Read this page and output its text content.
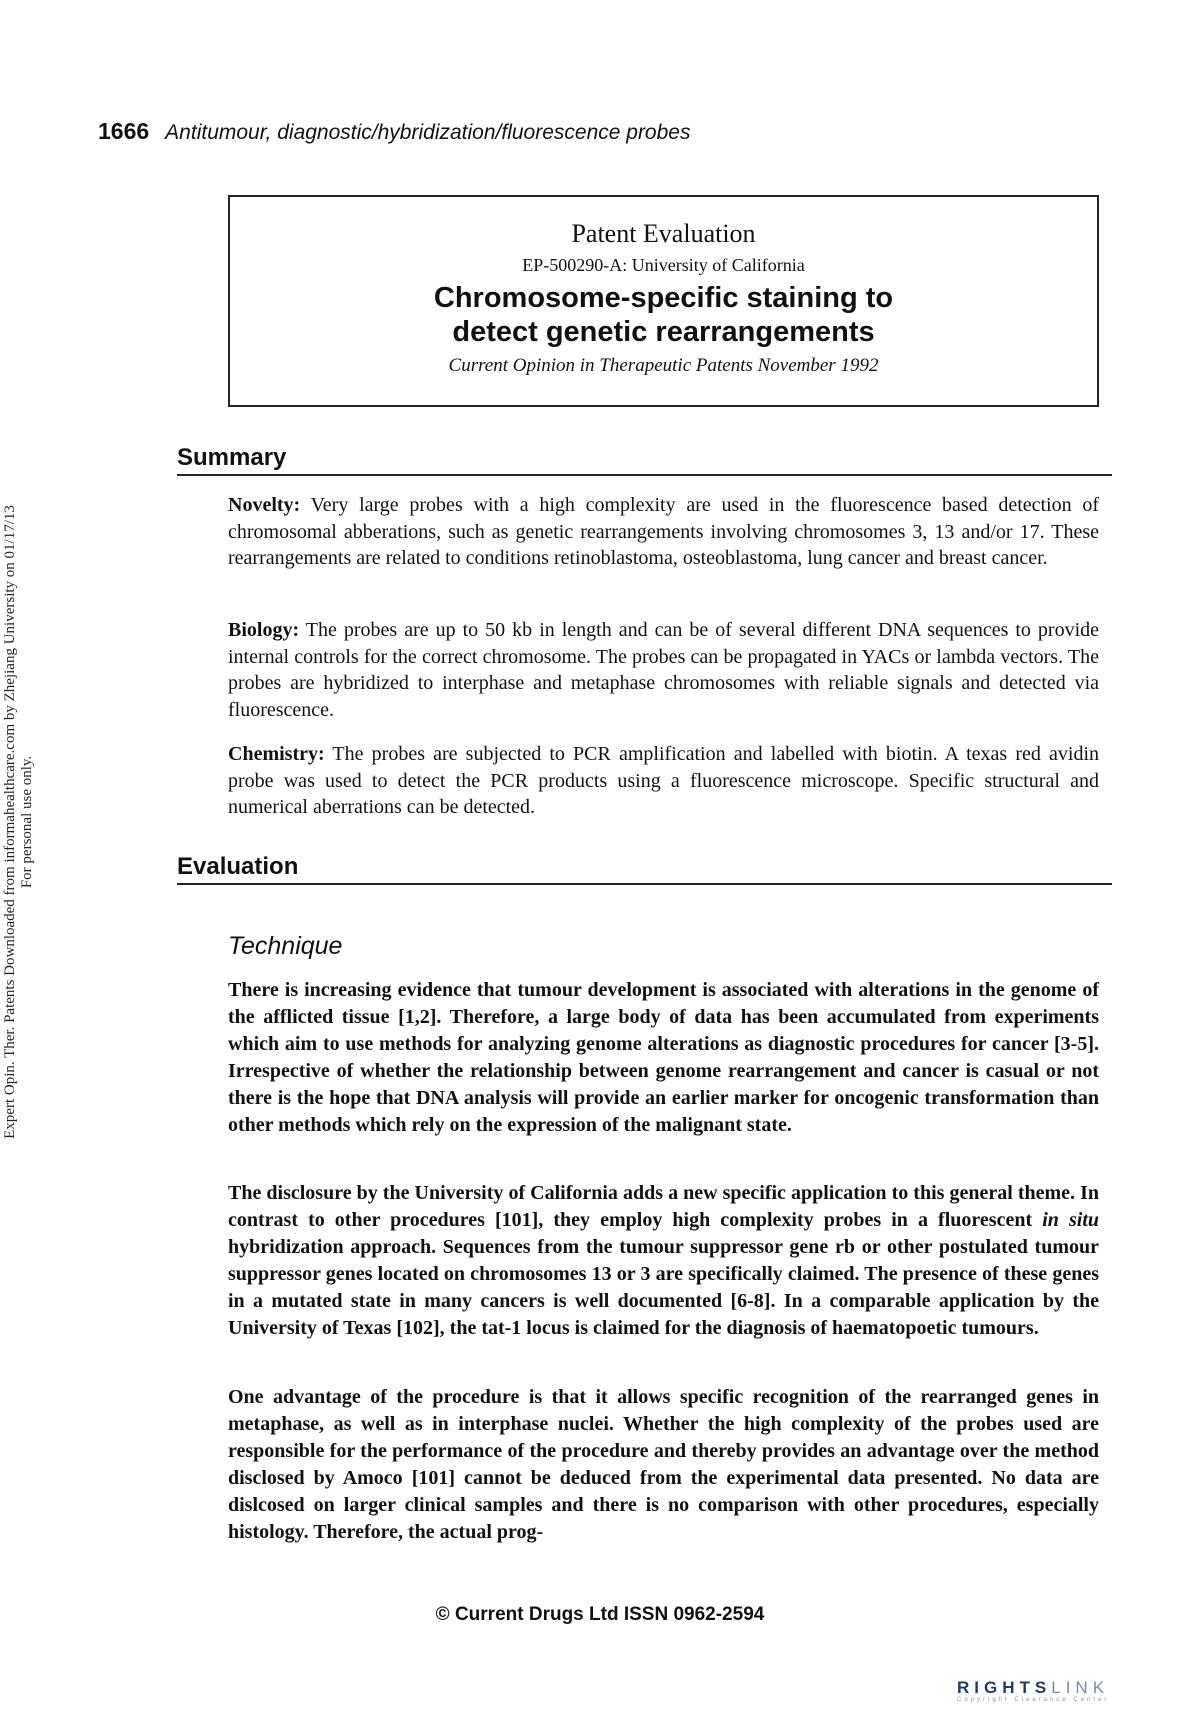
1666 Antitumour, diagnostic/hybridization/fluorescence probes
Patent Evaluation
EP-500290-A: University of California
Chromosome-specific staining to
detect genetic rearrangements
Current Opinion in Therapeutic Patents November 1992
Summary

Novelty: Very large probes with a high complexity are used in the fluorescence based detection of chromosomal abberations, such as genetic rearrangements involving chromosomes 3, 13 and/or 17. These rearrangements are related to conditions retinoblastoma, osteoblastoma, lung cancer and breast cancer.

Biology: The probes are up to 50 kb in length and can be of several different DNA sequences to provide internal controls for the correct chromosome. The probes can be propagated in YACs or lambda vectors. The probes are hybridized to interphase and metaphase chromosomes with reliable signals and detected via fluorescence.

Chemistry: The probes are subjected to PCR amplification and labelled with biotin. A texas red avidin probe was used to detect the PCR products using a fluorescence microscope. Specific structural and numerical aberrations can be detected.

Evaluation
Technique

There is increasing evidence that tumour development is associated with alterations in the genome of the afflicted tissue [1,2]. Therefore, a large body of data has been accumulated from experiments which aim to use methods for analyzing genome alterations as diagnostic procedures for cancer [3-5]. Irrespective of whether the relationship between genome rearrangement and cancer is casual or not there is the hope that DNA analysis will provide an earlier marker for oncogenic transformation than other methods which rely on the expression of the malignant state.

The disclosure by the University of California adds a new specific application to this general theme. In contrast to other procedures [101], they employ high complexity probes in a fluorescent in situ hybridization approach. Sequences from the tumour suppressor gene rb or other postulated tumour suppressor genes located on chromosomes 13 or 3 are specifically claimed. The presence of these genes in a mutated state in many cancers is well documented [6-8]. In a comparable application by the University of Texas [102], the tat-1 locus is claimed for the diagnosis of haematopoetic tumours.

One advantage of the procedure is that it allows specific recognition of the rearranged genes in metaphase, as well as in interphase nuclei. Whether the high complexity of the probes used are responsible for the performance of the procedure and thereby provides an advantage over the method disclosed by Amoco [101] cannot be deduced from the experimental data presented. No data are dislcosed on larger clinical samples and there is no comparison with other procedures, especially histology. Therefore, the actual prog-

© Current Drugs Ltd ISSN 0962-2594
Expert Opin. Ther. Patents Downloaded from informahealthcare.com by Zhejiang University on 01/17/13 For personal use only.
RIGHTSLINK
Copyright Clearance Center
